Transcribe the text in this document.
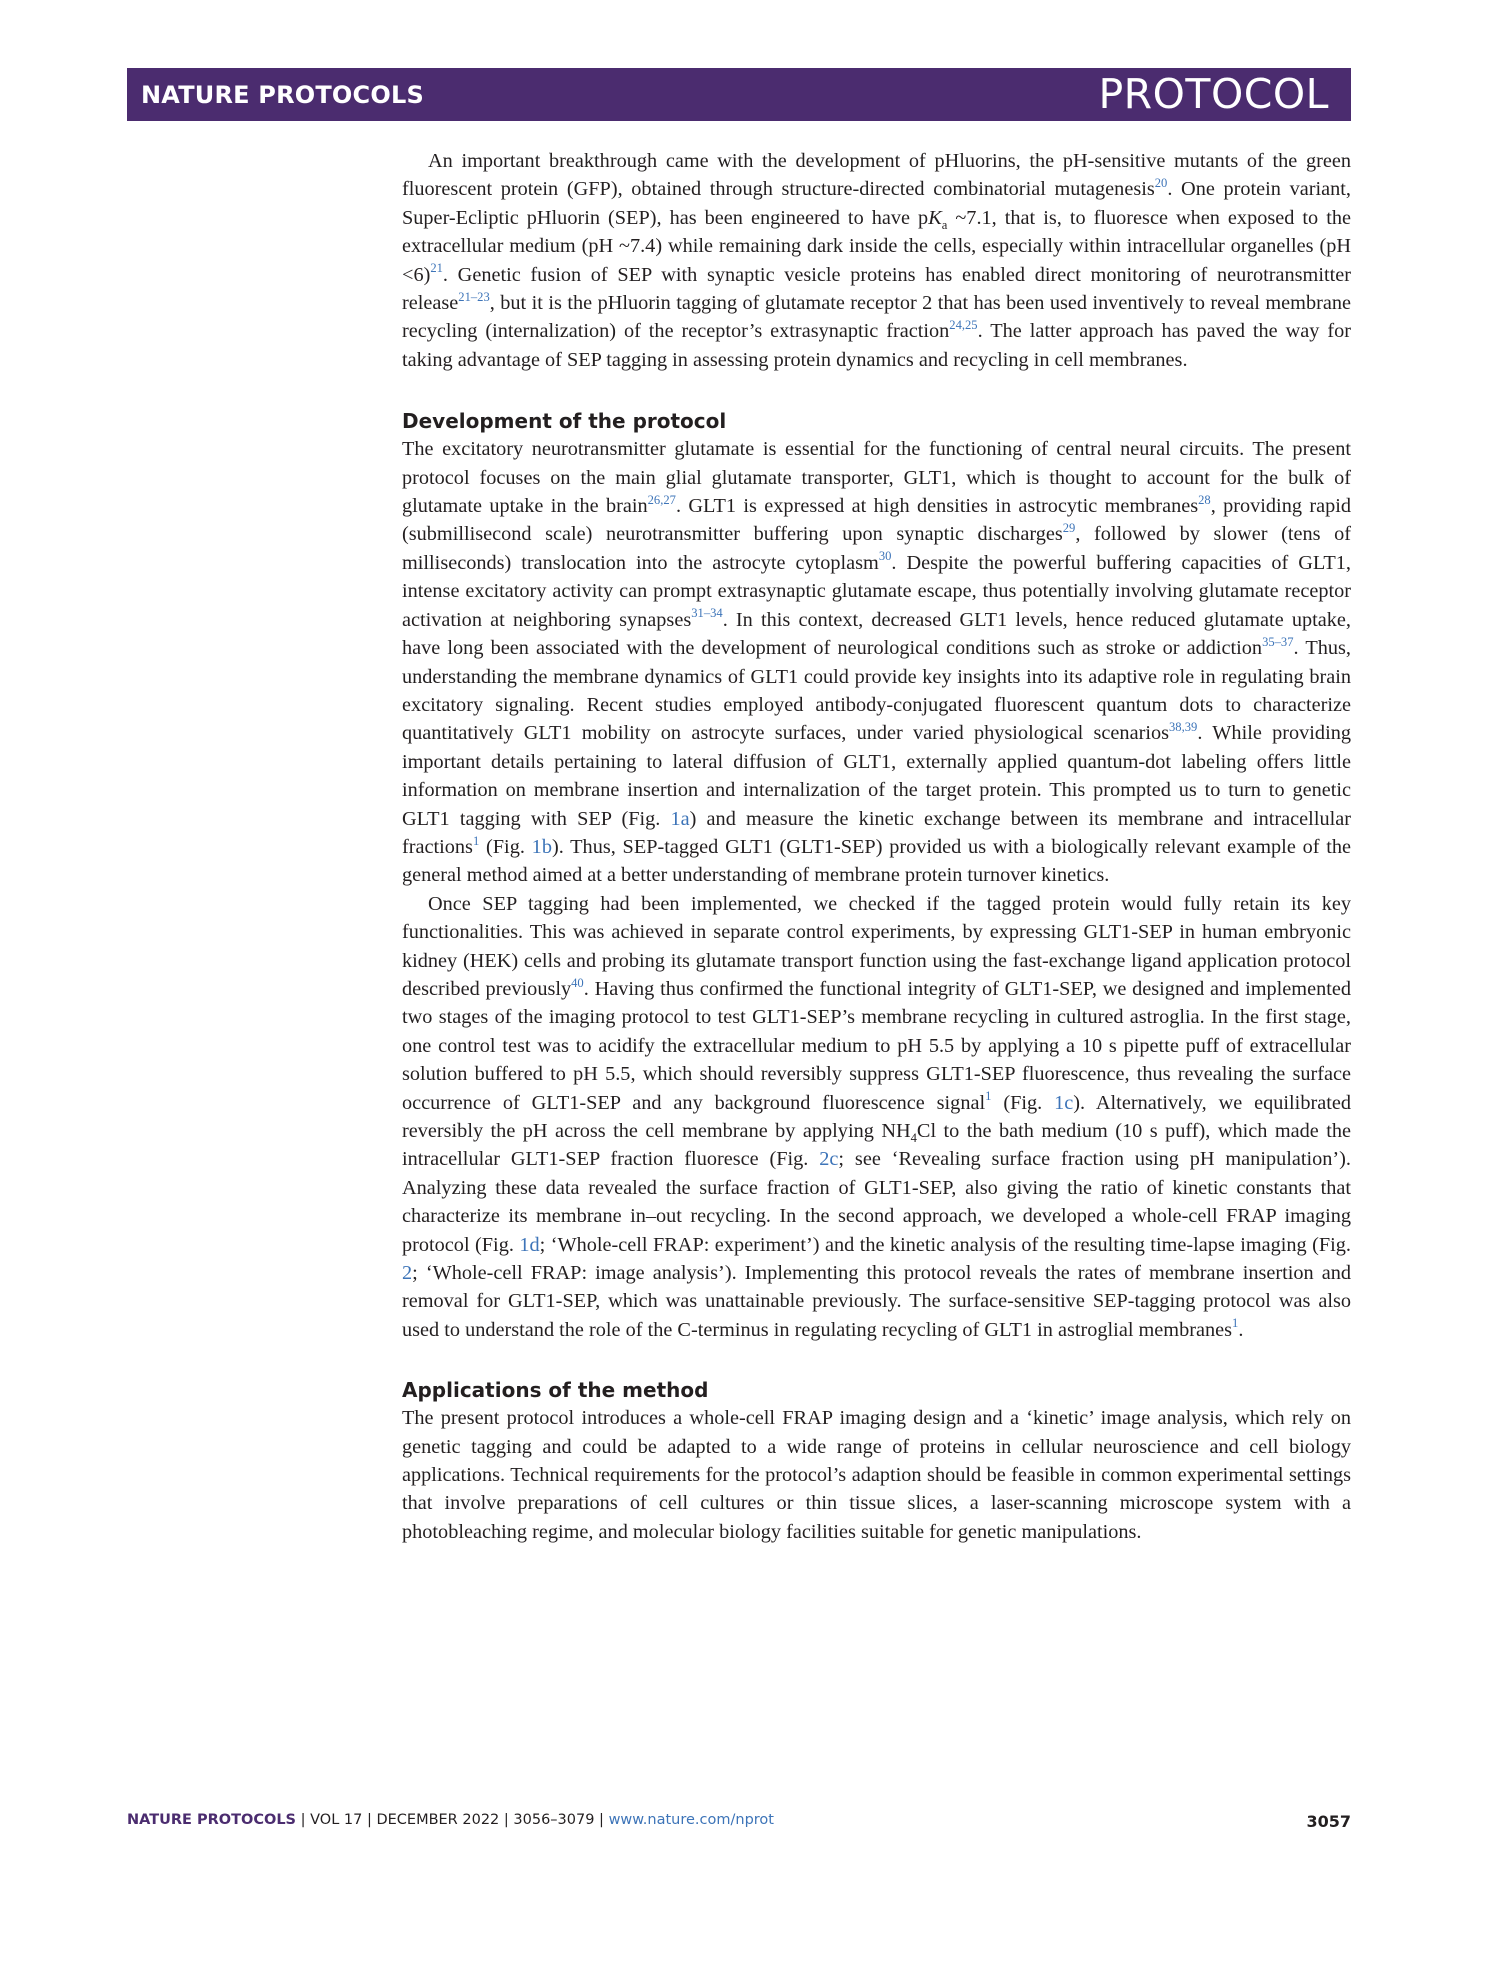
NATURE PROTOCOLS	PROTOCOL

An important breakthrough came with the development of pHluorins, the pH-sensitive mutants of the green fluorescent protein (GFP), obtained through structure-directed combinatorial mutagenesis$^{20}$. One protein variant, Super-Ecliptic pHluorin (SEP), has been engineered to have $pK_a$ ~7.1, that is, to fluoresce when exposed to the extracellular medium (pH ~7.4) while remaining dark inside the cells, especially within intracellular organelles (pH <6)$^{21}$. Genetic fusion of SEP with synaptic vesicle proteins has enabled direct monitoring of neurotransmitter release$^{21-23}$, but it is the pHluorin tagging of glutamate receptor 2 that has been used inventively to reveal membrane recycling (internalization) of the receptor’s extrasynaptic fraction$^{24,25}$. The latter approach has paved the way for taking advantage of SEP tagging in assessing protein dynamics and recycling in cell membranes.

Development of the protocol

The excitatory neurotransmitter glutamate is essential for the functioning of central neural circuits. The present protocol focuses on the main glial glutamate transporter, GLT1, which is thought to account for the bulk of glutamate uptake in the brain$^{26,27}$. GLT1 is expressed at high densities in astrocytic membranes$^{28}$, providing rapid (submillisecond scale) neurotransmitter buffering upon synaptic discharges$^{29}$, followed by slower (tens of milliseconds) translocation into the astrocyte cytoplasm$^{30}$. Despite the powerful buffering capacities of GLT1, intense excitatory activity can prompt extrasynaptic glutamate escape, thus potentially involving glutamate receptor activation at neighboring synapses$^{31-34}$. In this context, decreased GLT1 levels, hence reduced glutamate uptake, have long been associated with the development of neurological conditions such as stroke or addiction$^{35-37}$. Thus, understanding the membrane dynamics of GLT1 could provide key insights into its adaptive role in regulating brain excitatory signaling. Recent studies employed antibody-conjugated fluorescent quantum dots to characterize quantitatively GLT1 mobility on astrocyte surfaces, under varied physiological scenarios$^{38,39}$. While providing important details pertaining to lateral diffusion of GLT1, externally applied quantum-dot labeling offers little information on membrane insertion and internalization of the target protein. This prompted us to turn to genetic GLT1 tagging with SEP (Fig. 1a) and measure the kinetic exchange between its membrane and intracellular fractions$^1$ (Fig. 1b). Thus, SEP-tagged GLT1 (GLT1-SEP) provided us with a biologically relevant example of the general method aimed at a better understanding of membrane protein turnover kinetics.

Once SEP tagging had been implemented, we checked if the tagged protein would fully retain its key functionalities. This was achieved in separate control experiments, by expressing GLT1-SEP in human embryonic kidney (HEK) cells and probing its glutamate transport function using the fast-exchange ligand application protocol described previously$^{40}$. Having thus confirmed the functional integrity of GLT1-SEP, we designed and implemented two stages of the imaging protocol to test GLT1-SEP’s membrane recycling in cultured astroglia. In the first stage, one control test was to acidify the extracellular medium to pH 5.5 by applying a 10 s pipette puff of extracellular solution buffered to pH 5.5, which should reversibly suppress GLT1-SEP fluorescence, thus revealing the surface occurrence of GLT1-SEP and any background fluorescence signal$^1$ (Fig. 1c). Alternatively, we equilibrated reversibly the pH across the cell membrane by applying $NH_4Cl$ to the bath medium (10 s puff), which made the intracellular GLT1-SEP fraction fluoresce (Fig. 2c; see ‘Revealing surface fraction using pH manipulation’). Analyzing these data revealed the surface fraction of GLT1-SEP, also giving the ratio of kinetic constants that characterize its membrane in–out recycling. In the second approach, we developed a whole-cell FRAP imaging protocol (Fig. 1d; ‘Whole-cell FRAP: experiment’) and the kinetic analysis of the resulting time-lapse imaging (Fig. 2; ‘Whole-cell FRAP: image analysis’). Implementing this protocol reveals the rates of membrane insertion and removal for GLT1-SEP, which was unattainable previously. The surface-sensitive SEP-tagging protocol was also used to understand the role of the C-terminus in regulating recycling of GLT1 in astroglial membranes$^1$.

Applications of the method

The present protocol introduces a whole-cell FRAP imaging design and a ‘kinetic’ image analysis, which rely on genetic tagging and could be adapted to a wide range of proteins in cellular neuroscience and cell biology applications. Technical requirements for the protocol’s adaption should be feasible in common experimental settings that involve preparations of cell cultures or thin tissue slices, a laser-scanning microscope system with a photobleaching regime, and molecular biology facilities suitable for genetic manipulations.

NATURE PROTOCOLS | VOL 17 | DECEMBER 2022 | 3056–3079 | www.nature.com/nprot	3057
